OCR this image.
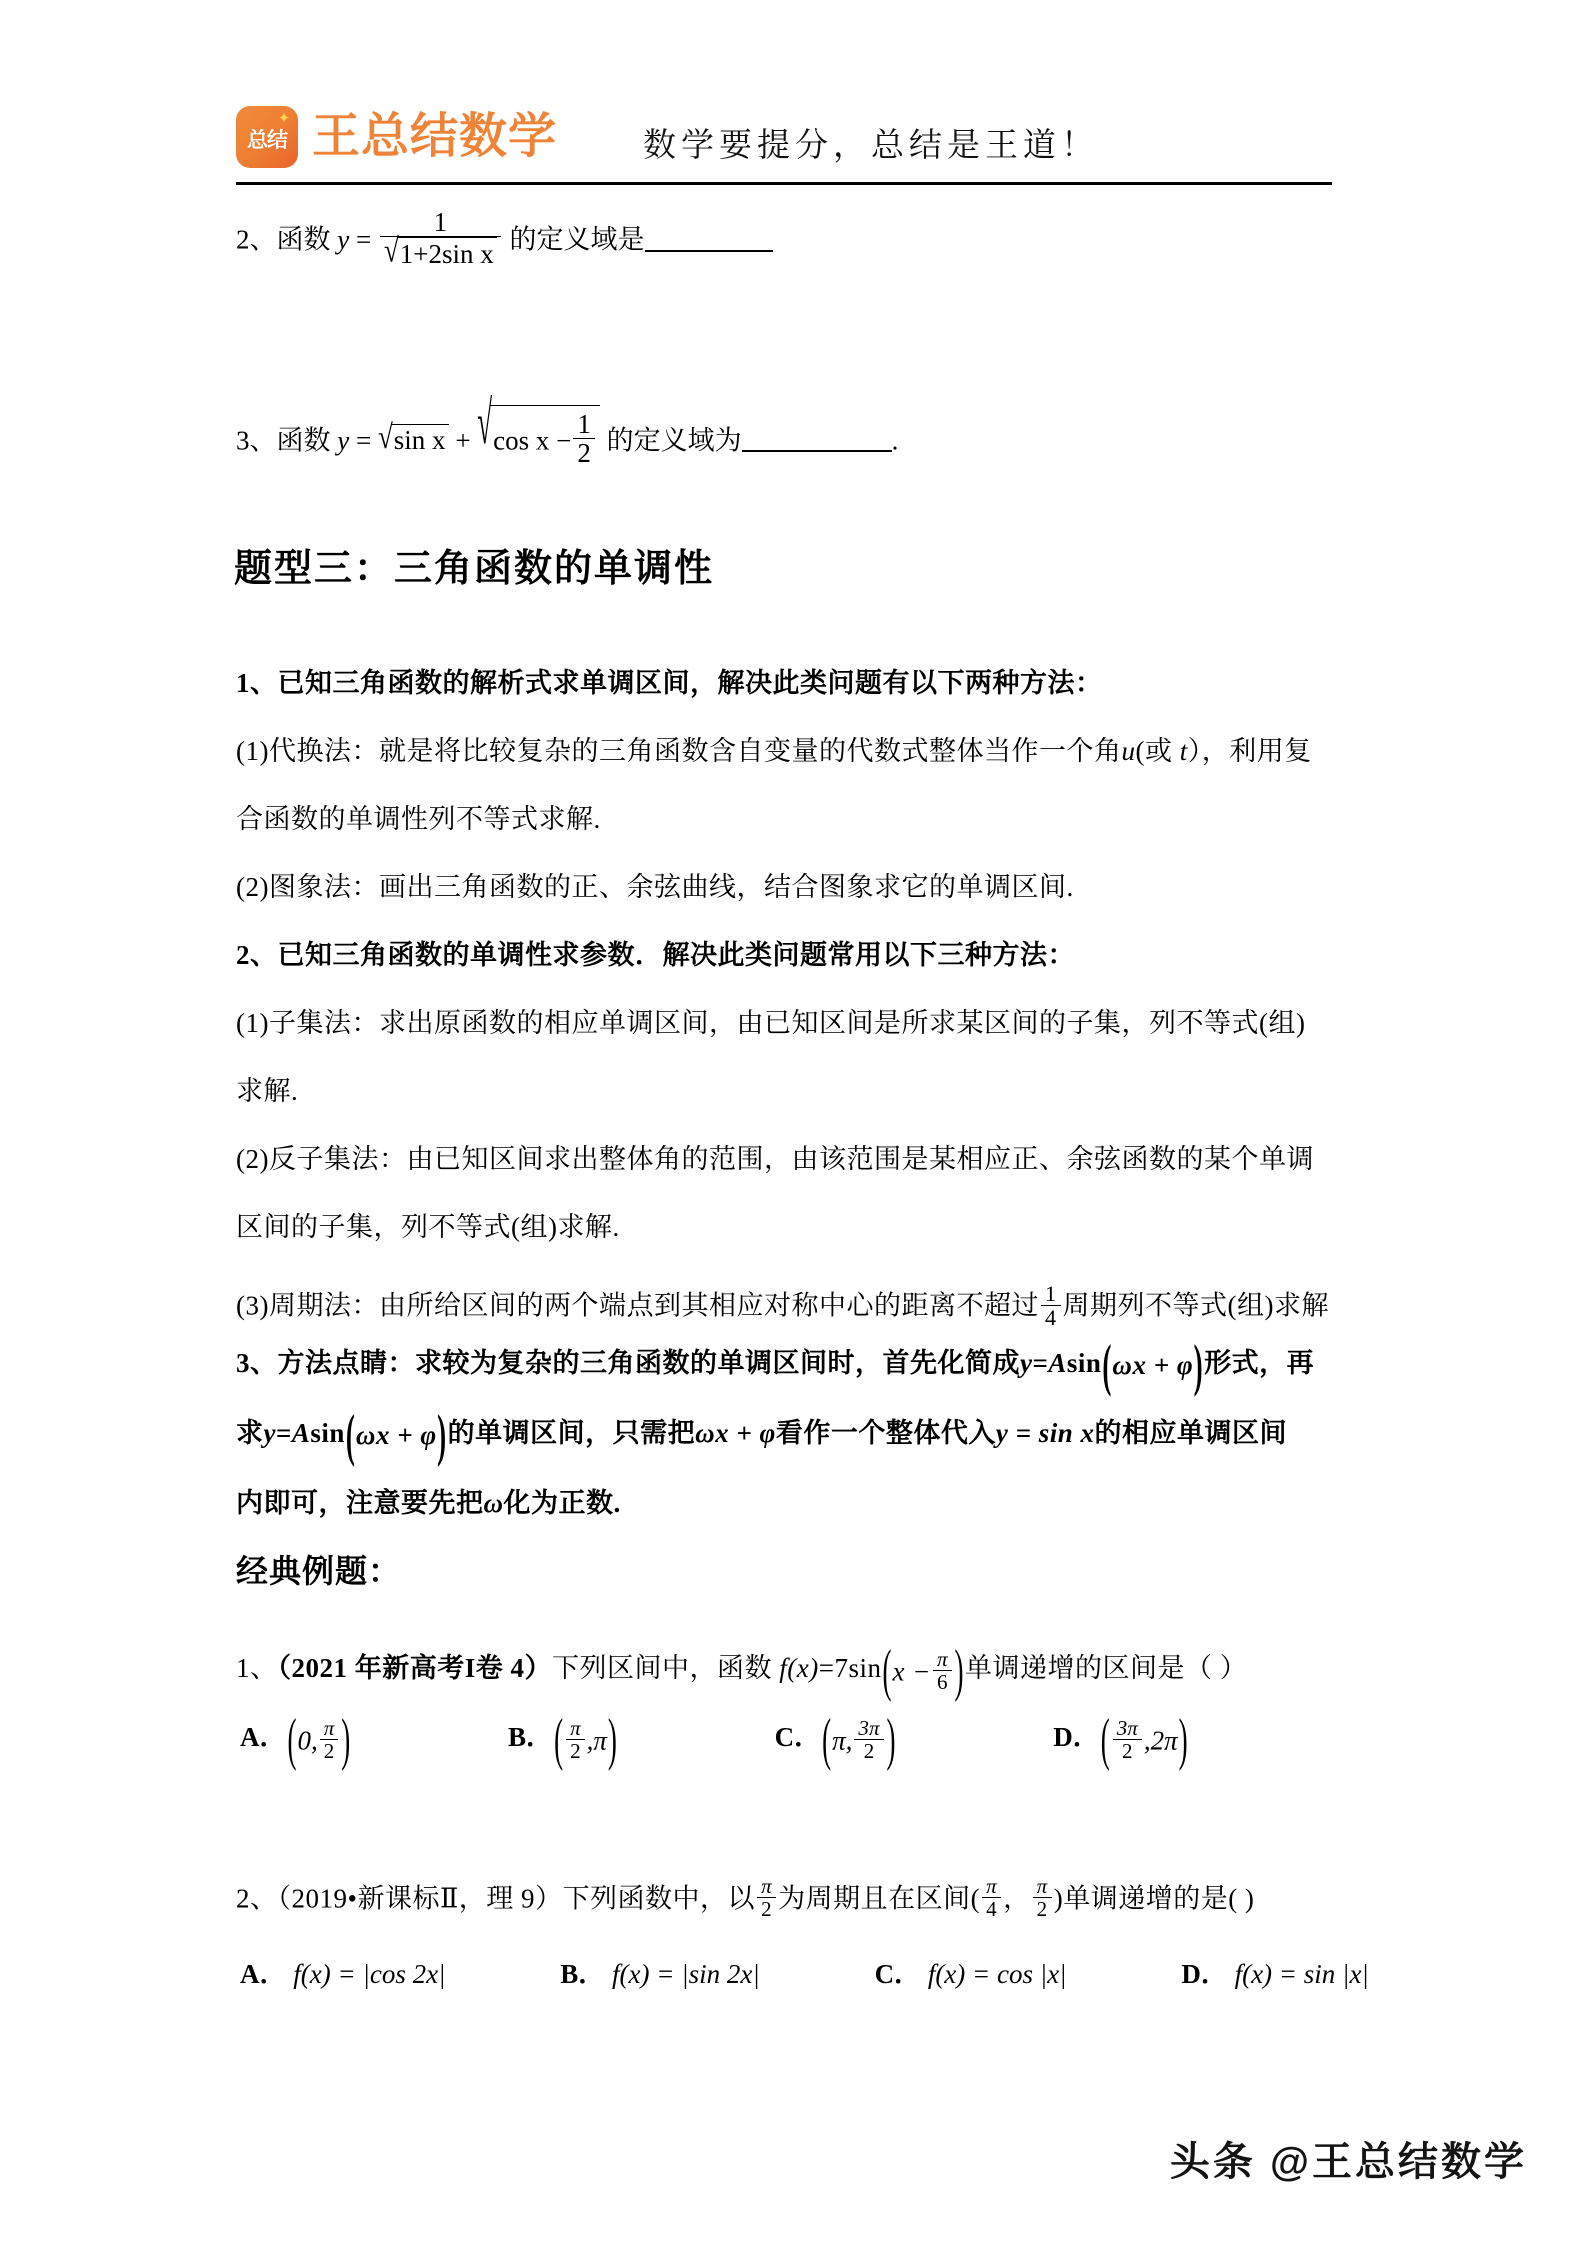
✦
总结 王总结数学	数学要提分，总结是王道！
2、函数 $y = \frac{1}{\text{√1+2sin x}}$ 的定义域是
3、函数 y = √sin x + √cos $x - \frac{1}{2}$ 的定义域为	.
题型三：三角函数的单调性
1、已知三角函数的解析式求单调区间，解决此类问题有以下两种方法：
(1)代换法：就是将比较复杂的三角函数含自变量的代数式整体当作一个角u(或 t），利用复
合函数的单调性列不等式求解.
(2)图象法：画出三角函数的正、余弦曲线，结合图象求它的单调区间.
2、已知三角函数的单调性求参数．解决此类问题常用以下三种方法：
(1)子集法：求出原函数的相应单调区间，由已知区间是所求某区间的子集，列不等式(组)
求解.
(2)反子集法：由已知区间求出整体角的范围，由该范围是某相应正、余弦函数的某个单调
区间的子集，列不等式(组)求解.
(3)周期法：由所给区间的两个端点到其相应对称中心的距离不超过 $\frac{1}{4}$ 周期列不等式(组)求解
3、方法点睛：求较为复杂的三角函数的单调区间时，首先化简成y=Asin ( ωx + φ ) 形式，再
求y=Asin ( ωx + φ ) 的单调区间，只需把ωx + φ看作一个整体代入y = sin x的相应单调区间
内即可，注意要先把ω化为正数.
经典例题：
1、（2021 年新高考I卷 4）下列区间中，函数 f(x)=7sin ( $x - \frac{\pi}{6}$
) 单调递增的区间是（ ）
A． ( 0, $\frac{\pi}{2}$
)	B． ( $\frac{\pi}{2} ,\pi$ )	C． ( π, $\frac{3\pi}{2}$
)	D． ( $\frac{3\pi}{2} ,2\pi$ )
2、（2019•新课标Ⅱ，理 9）下列函数中，以 $\frac{\pi}{2}$ 为周期且在区间( $\frac{\pi}{4}$ ， $\frac{\pi}{2}$ )单调递增的是( )
A． f(x) = |cos 2x|	B． f(x) = |sin 2x|	C． f(x) = cos |x|	D． f(x) = sin |x|
头条 @王总结数学
